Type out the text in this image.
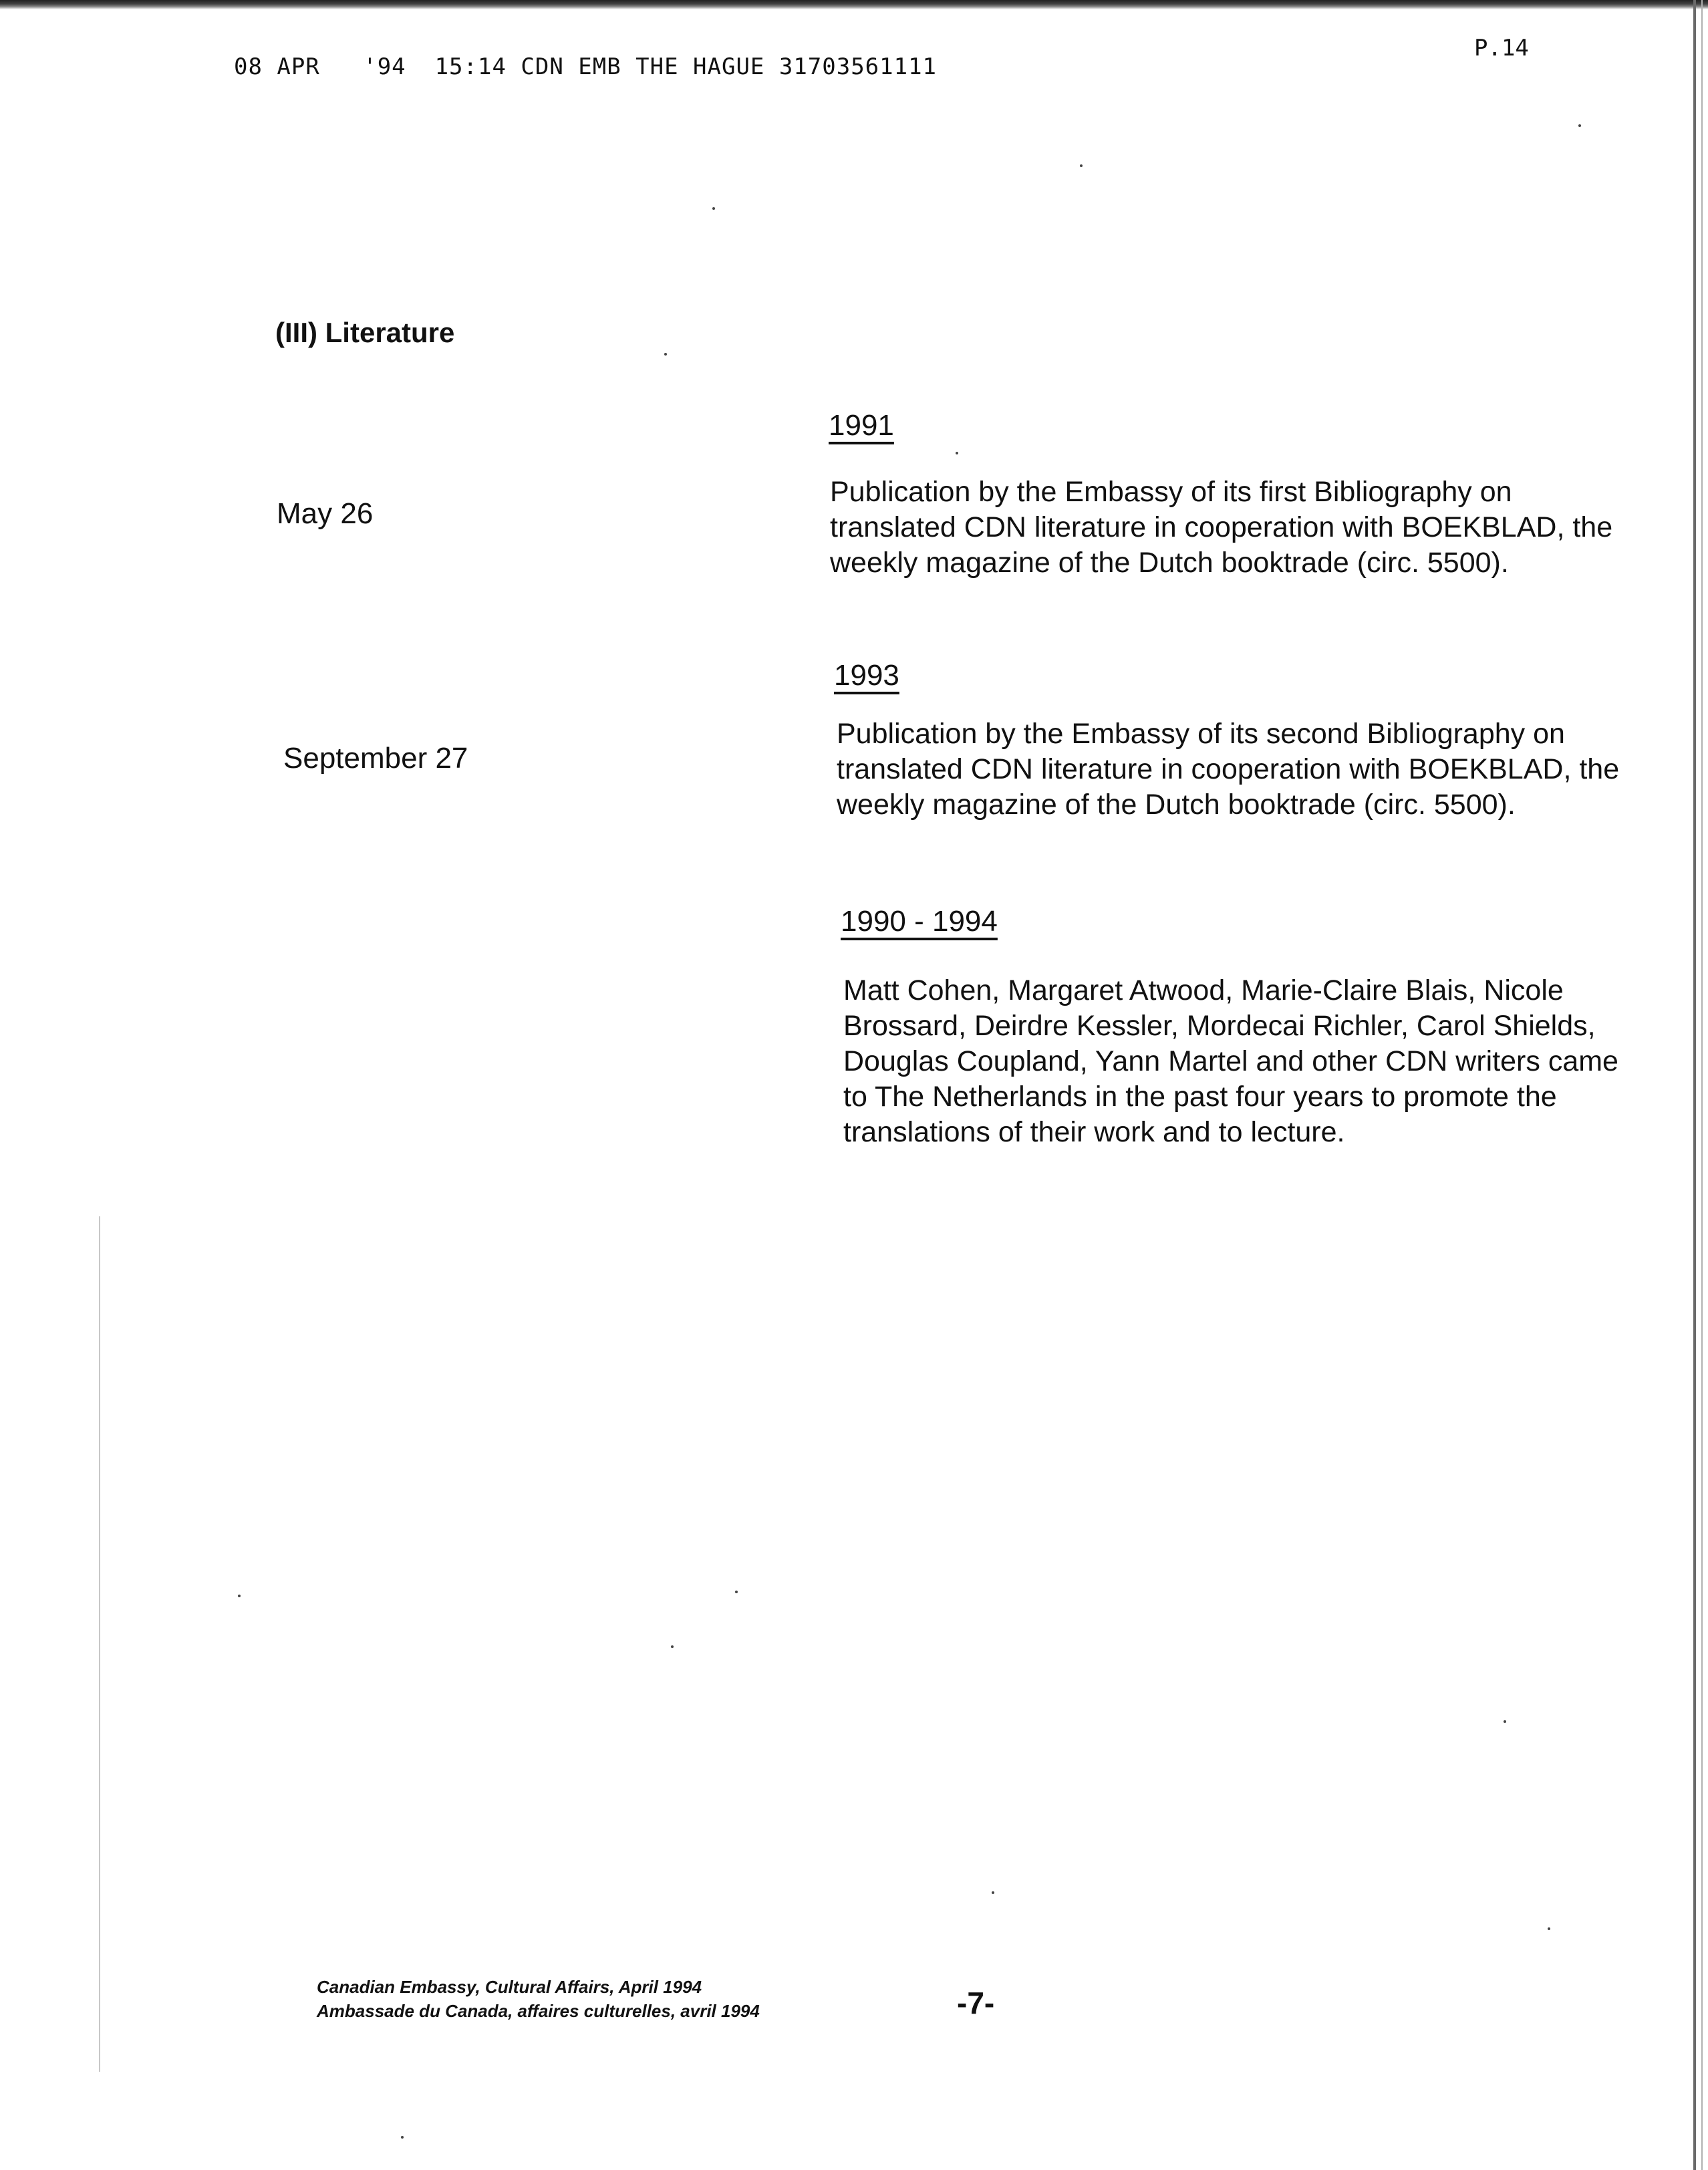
08 APR   '94  15:14 CDN EMB THE HAGUE 31703561111
P.14
(III) Literature
1991
May 26
Publication by the Embassy of its first Bibliography on translated CDN literature in cooperation with BOEKBLAD, the weekly magazine of the Dutch booktrade (circ. 5500).
1993
September 27
Publication by the Embassy of its second Bibliography on translated CDN literature in cooperation with BOEKBLAD, the weekly magazine of the Dutch booktrade (circ. 5500).
1990 - 1994
Matt Cohen, Margaret Atwood, Marie-Claire Blais, Nicole Brossard, Deirdre Kessler, Mordecai Richler, Carol Shields, Douglas Coupland, Yann Martel and other CDN writers came to The Netherlands in the past four years to promote the translations of their work and to lecture.
Canadian Embassy, Cultural Affairs, April 1994
Ambassade du Canada, affaires culturelles, avril 1994	-7-
